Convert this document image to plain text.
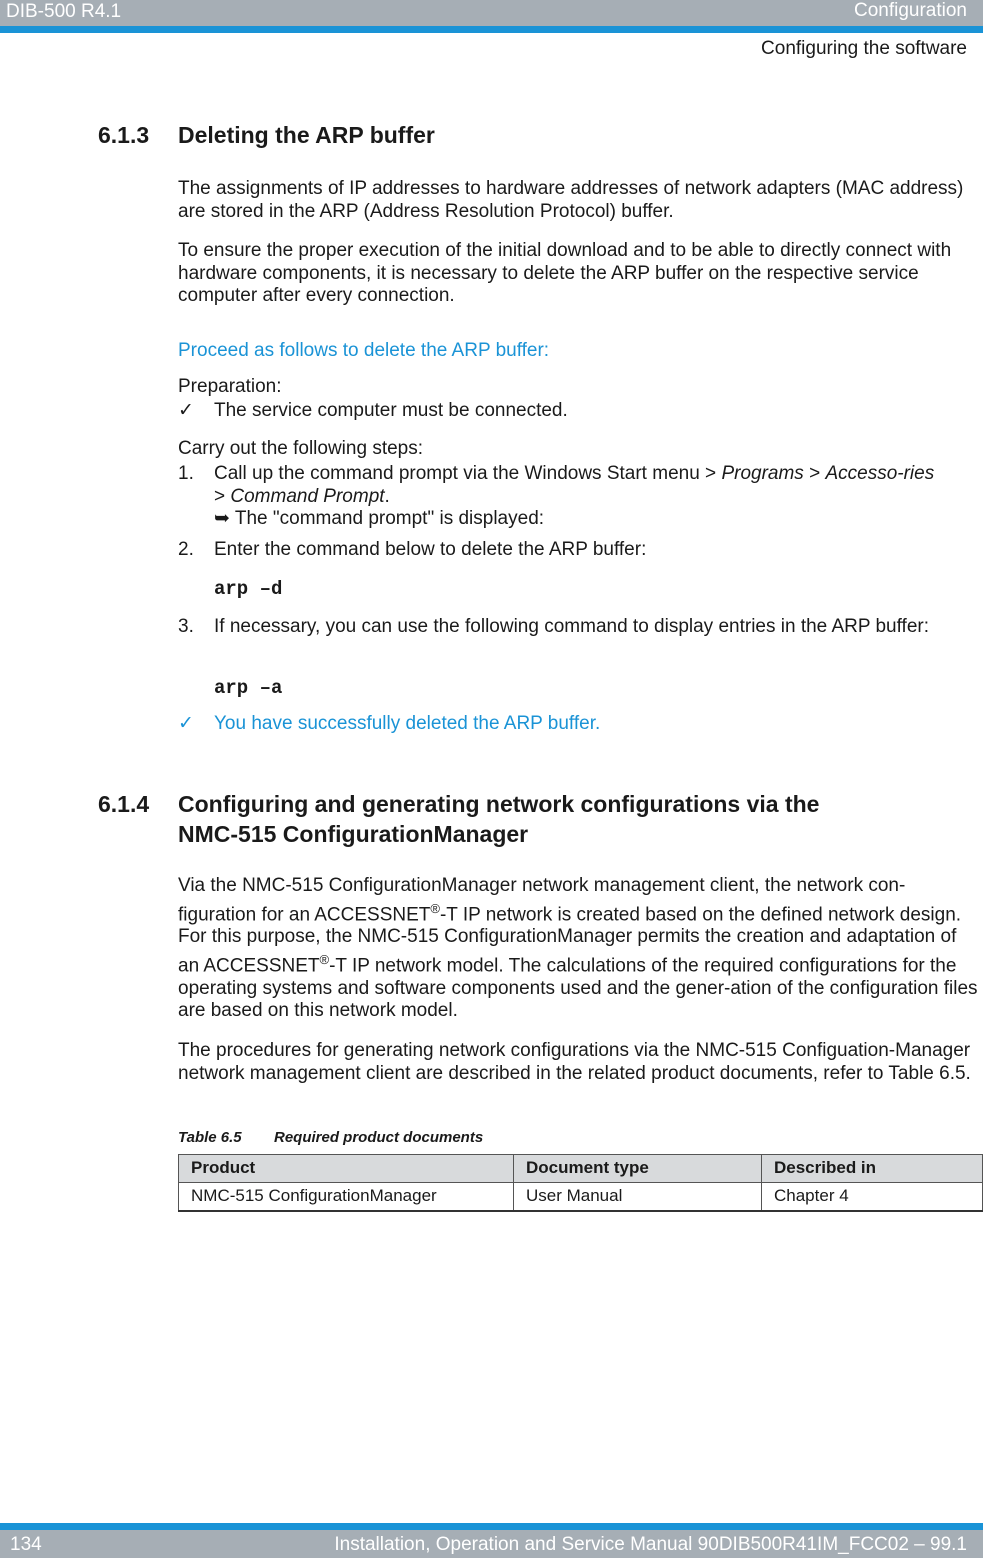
DIB-500 R4.1	Configuration
Configuring the software
6.1.3 Deleting the ARP buffer
The assignments of IP addresses to hardware addresses of network adapters (MAC address) are stored in the ARP (Address Resolution Protocol) buffer.
To ensure the proper execution of the initial download and to be able to directly connect with hardware components, it is necessary to delete the ARP buffer on the respective service computer after every connection.
Proceed as follows to delete the ARP buffer:
Preparation:
✓ The service computer must be connected.
Carry out the following steps:
1. Call up the command prompt via the Windows Start menu > Programs > Accesso-ries > Command Prompt.
➥ The "command prompt" is displayed:
2. Enter the command below to delete the ARP buffer:
arp –d
3. If necessary, you can use the following command to display entries in the ARP buffer:
arp –a
✓ You have successfully deleted the ARP buffer.
6.1.4 Configuring and generating network configurations via the
NMC-515 ConfigurationManager
Via the NMC-515 ConfigurationManager network management client, the network con-figuration for an ACCESSNET®-T IP network is created based on the defined network design. For this purpose, the NMC-515 ConfigurationManager permits the creation and adaptation of an ACCESSNET®-T IP network model. The calculations of the required configurations for the operating systems and software components used and the gener-ation of the configuration files are based on this network model.
The procedures for generating network configurations via the NMC-515 Configuation-Manager network management client are described in the related product documents, refer to Table 6.5.
Table 6.5 Required product documents
Product	Document type	Described in
NMC-515 ConfigurationManager	User Manual	Chapter 4
134	Installation, Operation and Service Manual 90DIB500R41IM_FCC02 – 99.1
